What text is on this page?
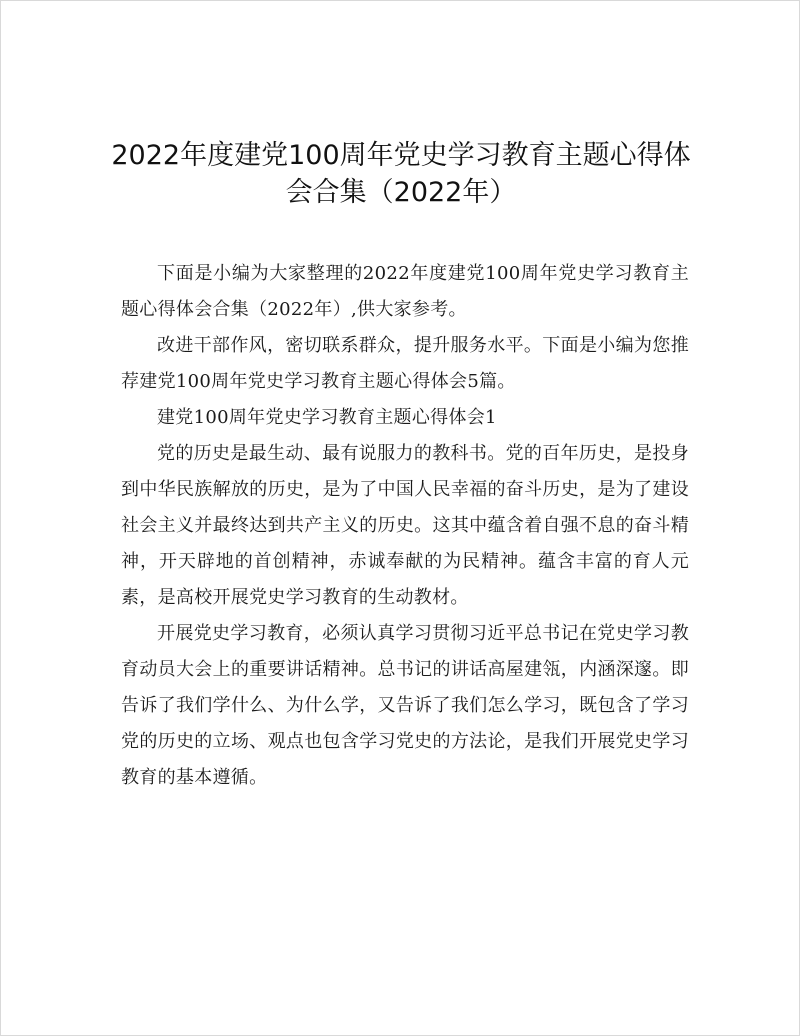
2022年度建党100周年党史学习教育主题心得体会合集（2022年）

下面是小编为大家整理的2022年度建党100周年党史学习教育主题心得体会合集（2022年）,供大家参考。

改进干部作风，密切联系群众，提升服务水平。下面是小编为您推荐建党100周年党史学习教育主题心得体会5篇。

建党100周年党史学习教育主题心得体会1

党的历史是最生动、最有说服力的教科书。党的百年历史，是投身到中华民族解放的历史，是为了中国人民幸福的奋斗历史，是为了建设社会主义并最终达到共产主义的历史。这其中蕴含着自强不息的奋斗精神，开天辟地的首创精神，赤诚奉献的为民精神。蕴含丰富的育人元素，是高校开展党史学习教育的生动教材。

开展党史学习教育，必须认真学习贯彻习近平总书记在党史学习教育动员大会上的重要讲话精神。总书记的讲话高屋建瓴，内涵深邃。即告诉了我们学什么、为什么学，又告诉了我们怎么学习，既包含了学习党的历史的立场、观点也包含学习党史的方法论，是我们开展党史学习教育的基本遵循。
